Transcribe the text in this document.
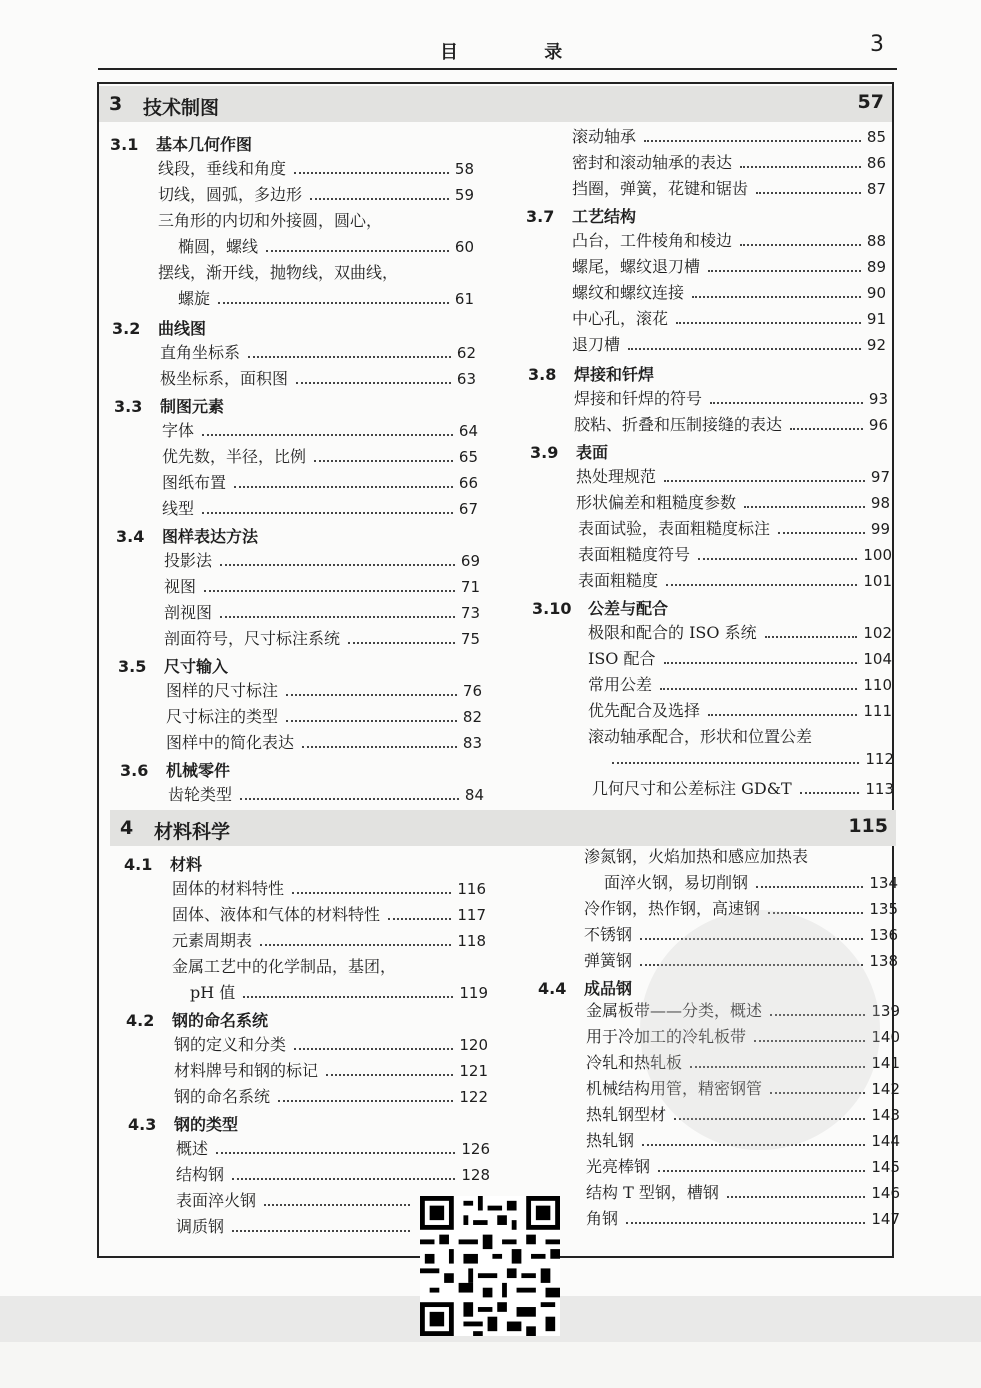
目 录	3
3 技术制图	57
3.1 基本几何作图
线段，垂线和角度	58
切线，圆弧，多边形	59
三角形的内切和外接圆，圆心，
椭圆，螺线	60
摆线，渐开线，抛物线，双曲线，
螺旋	61
3.2 曲线图
直角坐标系	62
极坐标系，面积图	63
3.3 制图元素
字体	64
优先数，半径，比例	65
图纸布置	66
线型	67
3.4 图样表达方法
投影法	69
视图	71
剖视图	73
剖面符号，尺寸标注系统	75
3.5 尺寸输入
图样的尺寸标注	76
尺寸标注的类型	82
图样中的简化表达	83
3.6 机械零件
齿轮类型	84
滚动轴承	85
密封和滚动轴承的表达	86
挡圈，弹簧，花键和锯齿	87
3.7 工艺结构
凸台，工件棱角和棱边	88
螺尾，螺纹退刀槽	89
螺纹和螺纹连接	90
中心孔，滚花	91
退刀槽	92
3.8 焊接和钎焊
焊接和钎焊的符号	93
胶粘、折叠和压制接缝的表达	96
3.9 表面
热处理规范	97
形状偏差和粗糙度参数	98
表面试验，表面粗糙度标注	99
表面粗糙度符号	100
表面粗糙度	101
3.10 公差与配合
极限和配合的 ISO 系统	102
ISO 配合	104
常用公差	110
优先配合及选择	111
滚动轴承配合，形状和位置公差
112
几何尺寸和公差标注 GD&T	113
4 材料科学	115
4.1 材料
固体的材料特性	116
固体、液体和气体的材料特性	117
元素周期表	118
金属工艺中的化学制品，基团，
pH 值	119
4.2 钢的命名系统
钢的定义和分类	120
材料牌号和钢的标记	121
钢的命名系统	122
4.3 钢的类型
概述	126
结构钢	128
表面淬火钢
调质钢
渗氮钢，火焰加热和感应加热表
面淬火钢，易切削钢	134
冷作钢，热作钢，高速钢	135
不锈钢	136
弹簧钢	138
4.4 成品钢
金属板带——分类，概述	139
用于冷加工的冷轧板带	140
冷轧和热轧板	141
机械结构用管，精密钢管	142
热轧钢型材	143
热轧钢	144
光亮棒钢	145
结构 T 型钢，槽钢	146
角钢	147
